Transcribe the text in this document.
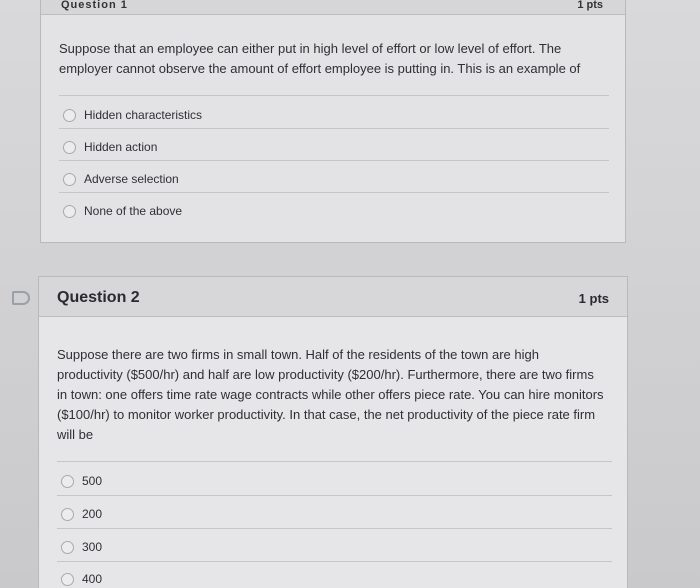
Question 1	1 pts
Suppose that an employee can either put in high level of effort or low level of effort. The employer cannot observe the amount of effort employee is putting in. This is an example of
Hidden characteristics
Hidden action
Adverse selection
None of the above
Question 2	1 pts
Suppose there are two firms in small town. Half of the residents of the town are high productivity ($500/hr) and half are low productivity ($200/hr). Furthermore, there are two firms in town: one offers time rate wage contracts while other offers piece rate. You can hire monitors ($100/hr) to monitor worker productivity. In that case, the net productivity of the piece rate firm will be
500
200
300
400
